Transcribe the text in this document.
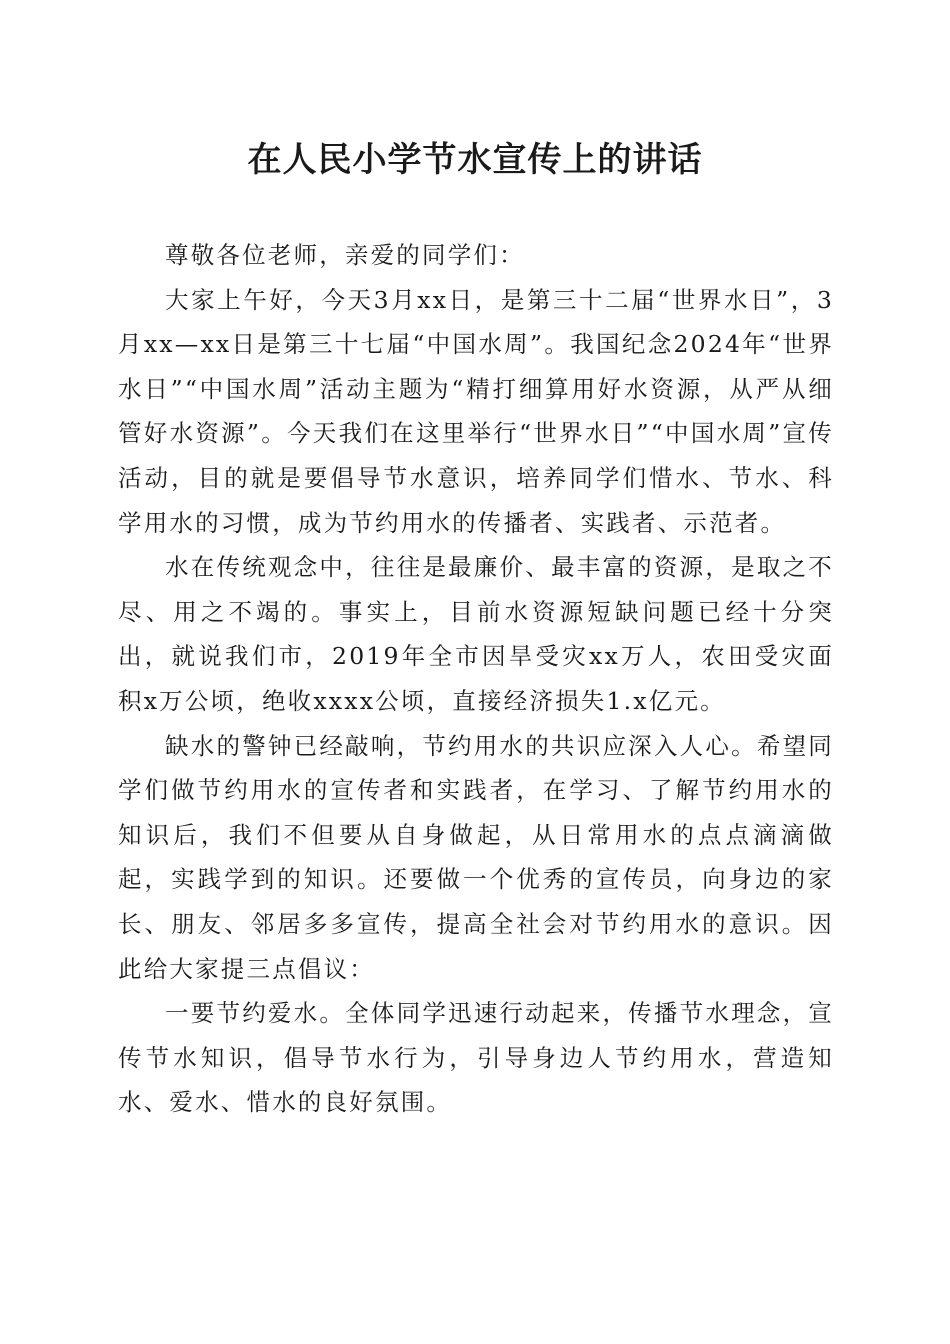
在人民小学节水宣传上的讲话

尊敬各位老师，亲爱的同学们：

大家上午好，今天3月xx日，是第三十二届“世界水日”，3月xx—xx日是第三十七届“中国水周”。我国纪念2024年“世界水日”“中国水周”活动主题为“精打细算用好水资源，从严从细管好水资源”。今天我们在这里举行“世界水日”“中国水周”宣传活动，目的就是要倡导节水意识，培养同学们惜水、节水、科学用水的习惯，成为节约用水的传播者、实践者、示范者。

水在传统观念中，往往是最廉价、最丰富的资源，是取之不尽、用之不竭的。事实上，目前水资源短缺问题已经十分突出，就说我们市，2019年全市因旱受灾xx万人，农田受灾面积x万公顷，绝收xxxx公顷，直接经济损失1.x亿元。

缺水的警钟已经敲响，节约用水的共识应深入人心。希望同学们做节约用水的宣传者和实践者，在学习、了解节约用水的知识后，我们不但要从自身做起，从日常用水的点点滴滴做起，实践学到的知识。还要做一个优秀的宣传员，向身边的家长、朋友、邻居多多宣传，提高全社会对节约用水的意识。因此给大家提三点倡议：

一要节约爱水。全体同学迅速行动起来，传播节水理念，宣传节水知识，倡导节水行为，引导身边人节约用水，营造知水、爱水、惜水的良好氛围。
